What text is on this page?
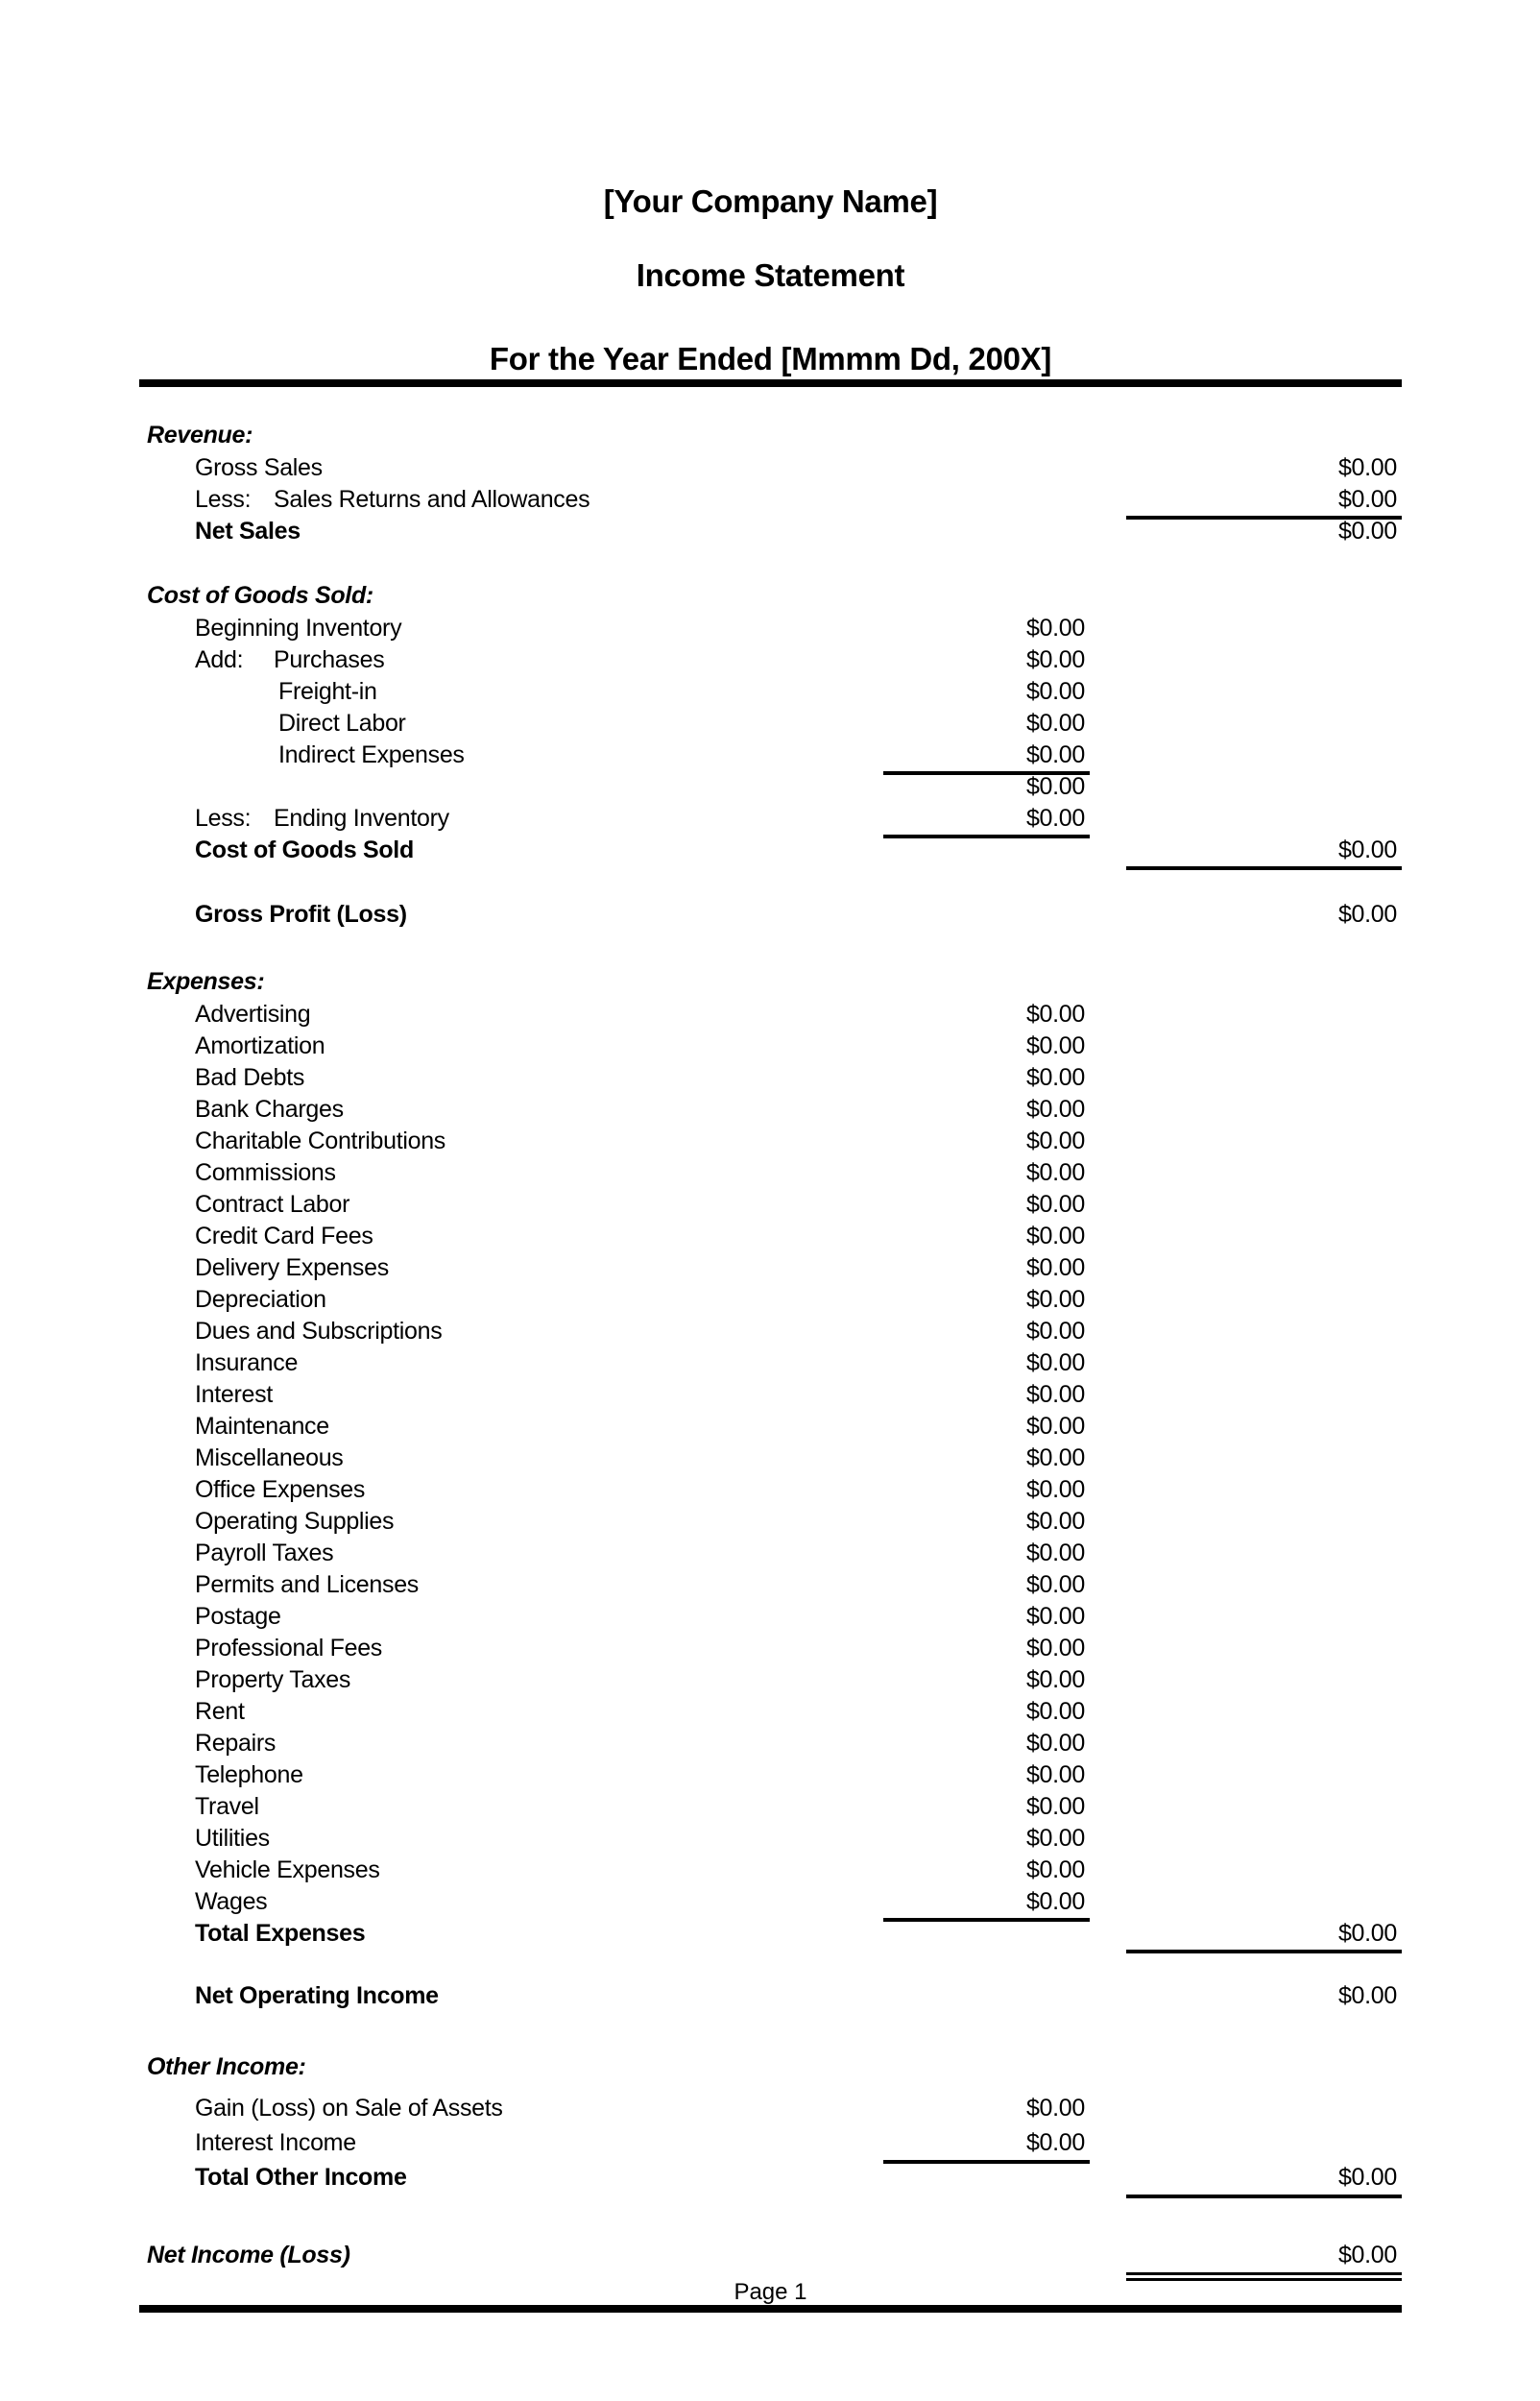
[Your Company Name]
Income Statement
For the Year Ended [Mmmm Dd, 200X]
Revenue:
Gross Sales	$0.00
Less: Sales Returns and Allowances	$0.00
Net Sales	$0.00
Cost of Goods Sold:
Beginning Inventory	$0.00
Add: Purchases	$0.00
Freight-in	$0.00
Direct Labor	$0.00
Indirect Expenses	$0.00
$0.00
Less: Ending Inventory	$0.00
Cost of Goods Sold	$0.00
Gross Profit (Loss)	$0.00
Expenses:
Advertising	$0.00
Amortization	$0.00
Bad Debts	$0.00
Bank Charges	$0.00
Charitable Contributions	$0.00
Commissions	$0.00
Contract Labor	$0.00
Credit Card Fees	$0.00
Delivery Expenses	$0.00
Depreciation	$0.00
Dues and Subscriptions	$0.00
Insurance	$0.00
Interest	$0.00
Maintenance	$0.00
Miscellaneous	$0.00
Office Expenses	$0.00
Operating Supplies	$0.00
Payroll Taxes	$0.00
Permits and Licenses	$0.00
Postage	$0.00
Professional Fees	$0.00
Property Taxes	$0.00
Rent	$0.00
Repairs	$0.00
Telephone	$0.00
Travel	$0.00
Utilities	$0.00
Vehicle Expenses	$0.00
Wages	$0.00
Total Expenses	$0.00
Net Operating Income	$0.00
Other Income:
Gain (Loss) on Sale of Assets	$0.00
Interest Income	$0.00
Total Other Income	$0.00
Net Income (Loss)	$0.00
Page 1
